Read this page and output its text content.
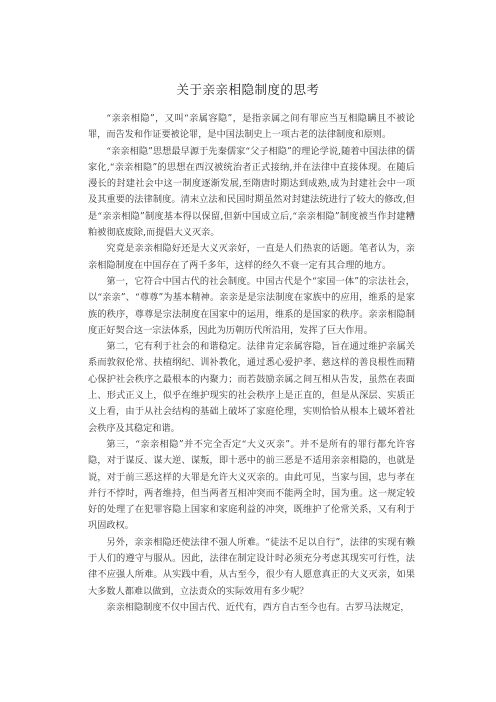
关于亲亲相隐制度的思考

“亲亲相隐”，又叫“亲属容隐”，是指亲属之间有罪应当互相隐瞒且不被论罪，而告发和作证要被论罪，是中国法制史上一项古老的法律制度和原则。

“亲亲相隐”思想最早源于先秦儒家“父子相隐”的理论学说,随着中国法律的儒家化,“亲亲相隐”的思想在西汉被统治者正式接纳,并在法律中直接体现。在随后漫长的封建社会中这一制度逐渐发展,至隋唐时期达到成熟,成为封建社会中一项及其重要的法律制度。清末立法和民国时期虽然对封建法统进行了较大的修改,但是“亲亲相隐”制度基本得以保留,但新中国成立后,“亲亲相隐”制度被当作封建糟粕被彻底废除,而提倡大义灭亲。

究竟是亲亲相隐好还是大义灭亲好，一直是人们热衷的话题。笔者认为，亲亲相隐制度在中国存在了两千多年，这样的经久不衰一定有其合理的地方。

第一，它符合中国古代的社会制度。中国古代是个“家国一体”的宗法社会，以“亲亲”、“尊尊”为基本精神。亲亲是是宗法制度在家族中的应用，维系的是家族的秩序，尊尊是宗法制度在国家中的运用，维系的是国家的秩序。亲亲相隐制度正好契合这一宗法体系，因此为历朝历代所沿用，发挥了巨大作用。

第二，它有利于社会的和谐稳定。法律肯定亲属容隐，旨在通过维护亲属关系而敦叙伦常、扶植纲纪、训补教化，通过悉心爱护孝、慈这样的善良根性而精心保护社会秩序之最根本的内聚力；而若鼓励亲属之间互相从告发，虽然在表面上、形式正义上，似乎在维护现实的社会秩序上是正直的，但是从深层、实质正义上看，由于从社会结构的基础上破坏了家庭伦理，实则恰恰从根本上破坏着社会秩序及其稳定和谐。

第三，“亲亲相隐”并不完全否定“大义灭亲”。并不是所有的罪行都允许容隐，对于谋反、谋大逆、谋叛，即十恶中的前三恶是不适用亲亲相隐的，也就是说，对于前三恶这样的大罪是允许大义灭亲的。由此可见，当家与国，忠与孝在并行不悖时，两者维持，但当两者互相冲突而不能两全时，国为重。这一规定较好的处理了在犯罪容隐上国家和家庭利益的冲突，既维护了伦常关系，又有利于巩固政权。

另外，亲亲相隐还使法律不强人所难。“徒法不足以自行”，法律的实现有赖于人们的遵守与服从。因此，法律在制定设计时必须充分考虑其现实可行性，法律不应强人所难。从实践中看，从古至今，很少有人愿意真正的大义灭亲，如果大多数人都难以做到，立法责众的实际效用有多少呢？

亲亲相隐制度不仅中国古代、近代有，西方自古至今也有。古罗马法规定，
